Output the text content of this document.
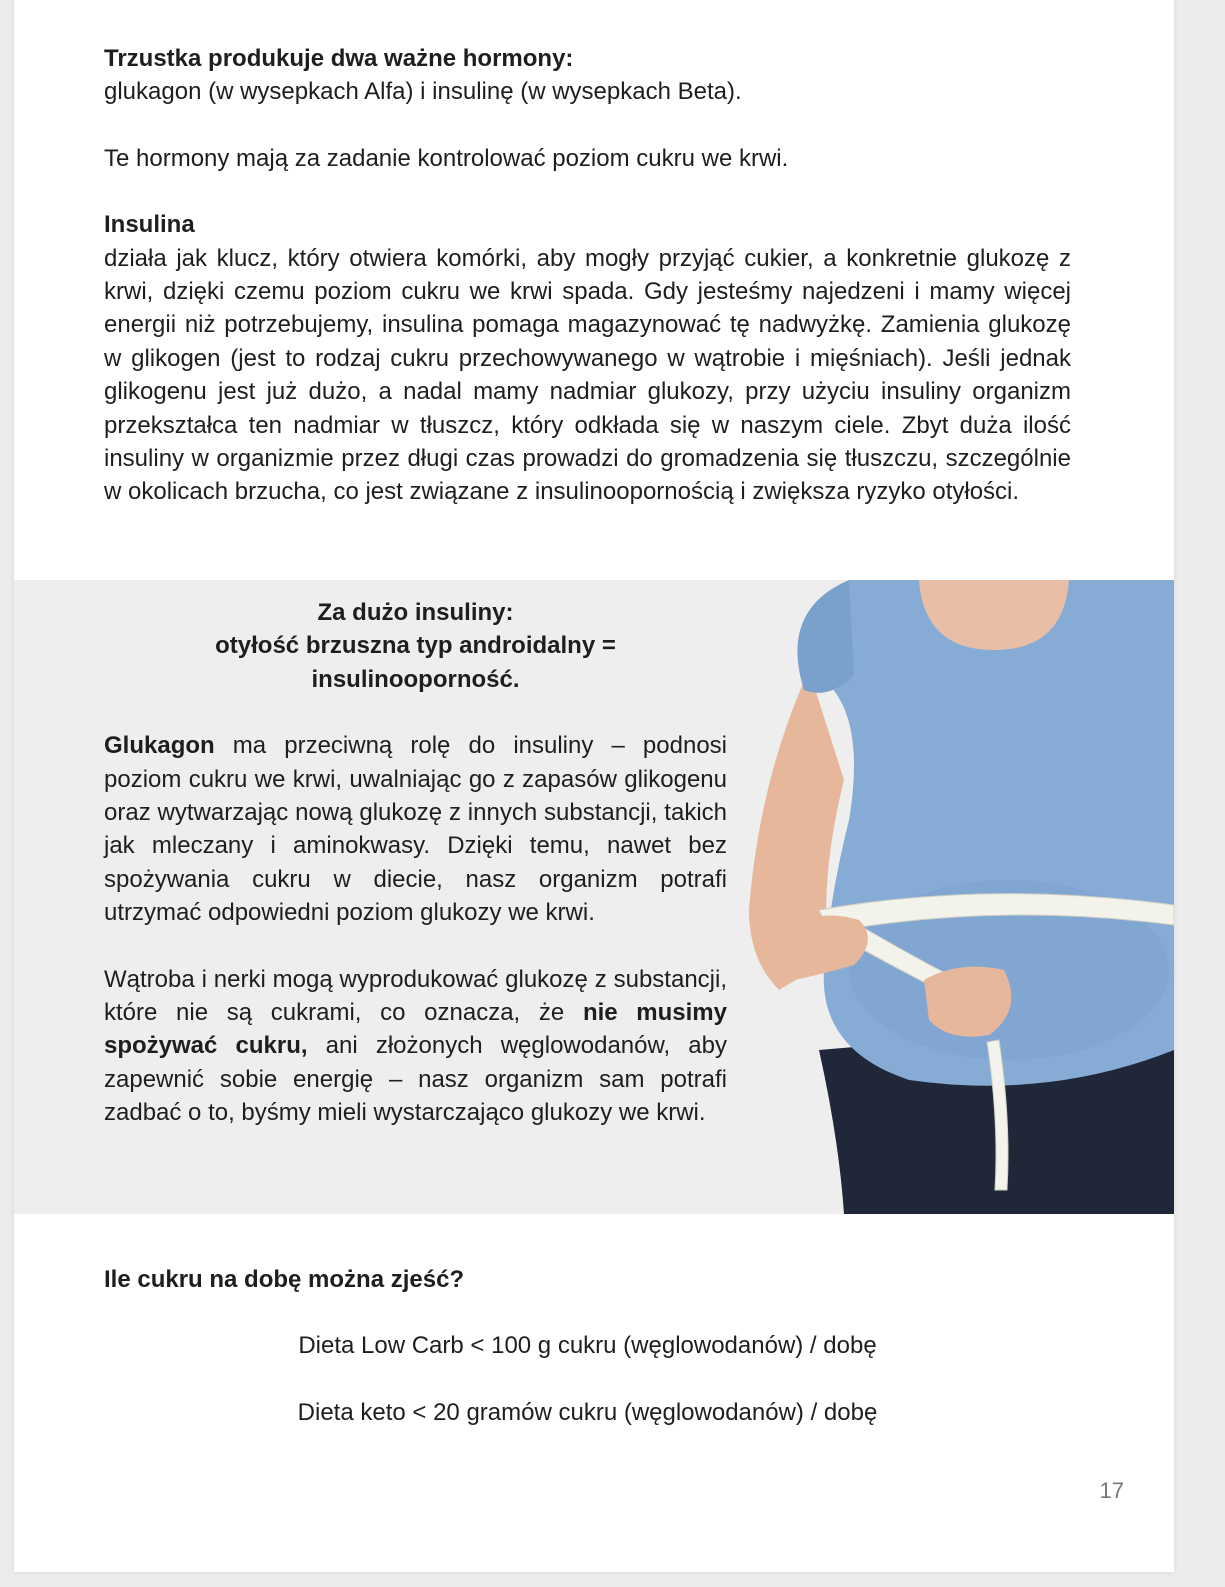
Trzustka produkuje dwa ważne hormony:

glukagon (w wysepkach Alfa) i insulinę (w wysepkach Beta).

Te hormony mają za zadanie kontrolować poziom cukru we krwi.

Insulina

działa jak klucz, który otwiera komórki, aby mogły przyjąć cukier, a konkretnie glukozę z krwi, dzięki czemu poziom cukru we krwi spada. Gdy jesteśmy najedzeni i mamy więcej energii niż potrzebujemy, insulina pomaga magazynować tę nadwyżkę. Zamienia glukozę w glikogen (jest to rodzaj cukru przechowywanego w wątrobie i mięśniach). Jeśli jednak glikogenu jest już dużo, a nadal mamy nadmiar glukozy, przy użyciu insuliny organizm przekształca ten nadmiar w tłuszcz, który odkłada się w naszym ciele. Zbyt duża ilość insuliny w organizmie przez długi czas prowadzi do gromadzenia się tłuszczu, szczególnie w okolicach brzucha, co jest związane z insulinoopornością i zwiększa ryzyko otyłości.

Za dużo insuliny:

otyłość brzuszna typ androidalny =

insulinooporność.

Glukagon ma przeciwną rolę do insuliny – podnosi poziom cukru we krwi, uwalniając go z zapasów glikogenu oraz wytwarzając nową glukozę z innych substancji, takich jak mleczany i aminokwasy. Dzięki temu, nawet bez spożywania cukru w diecie, nasz organizm potrafi utrzymać odpowiedni poziom glukozy we krwi.

Wątroba i nerki mogą wyprodukować glukozę z substancji, które nie są cukrami, co oznacza, że nie musimy spożywać cukru, ani złożonych węglowodanów, aby zapewnić sobie energię – nasz organizm sam potrafi zadbać o to, byśmy mieli wystarczająco glukozy we krwi.

Ile cukru na dobę można zjeść?

Dieta Low Carb < 100 g cukru (węglowodanów) / dobę

Dieta keto < 20 gramów cukru (węglowodanów) / dobę

17
